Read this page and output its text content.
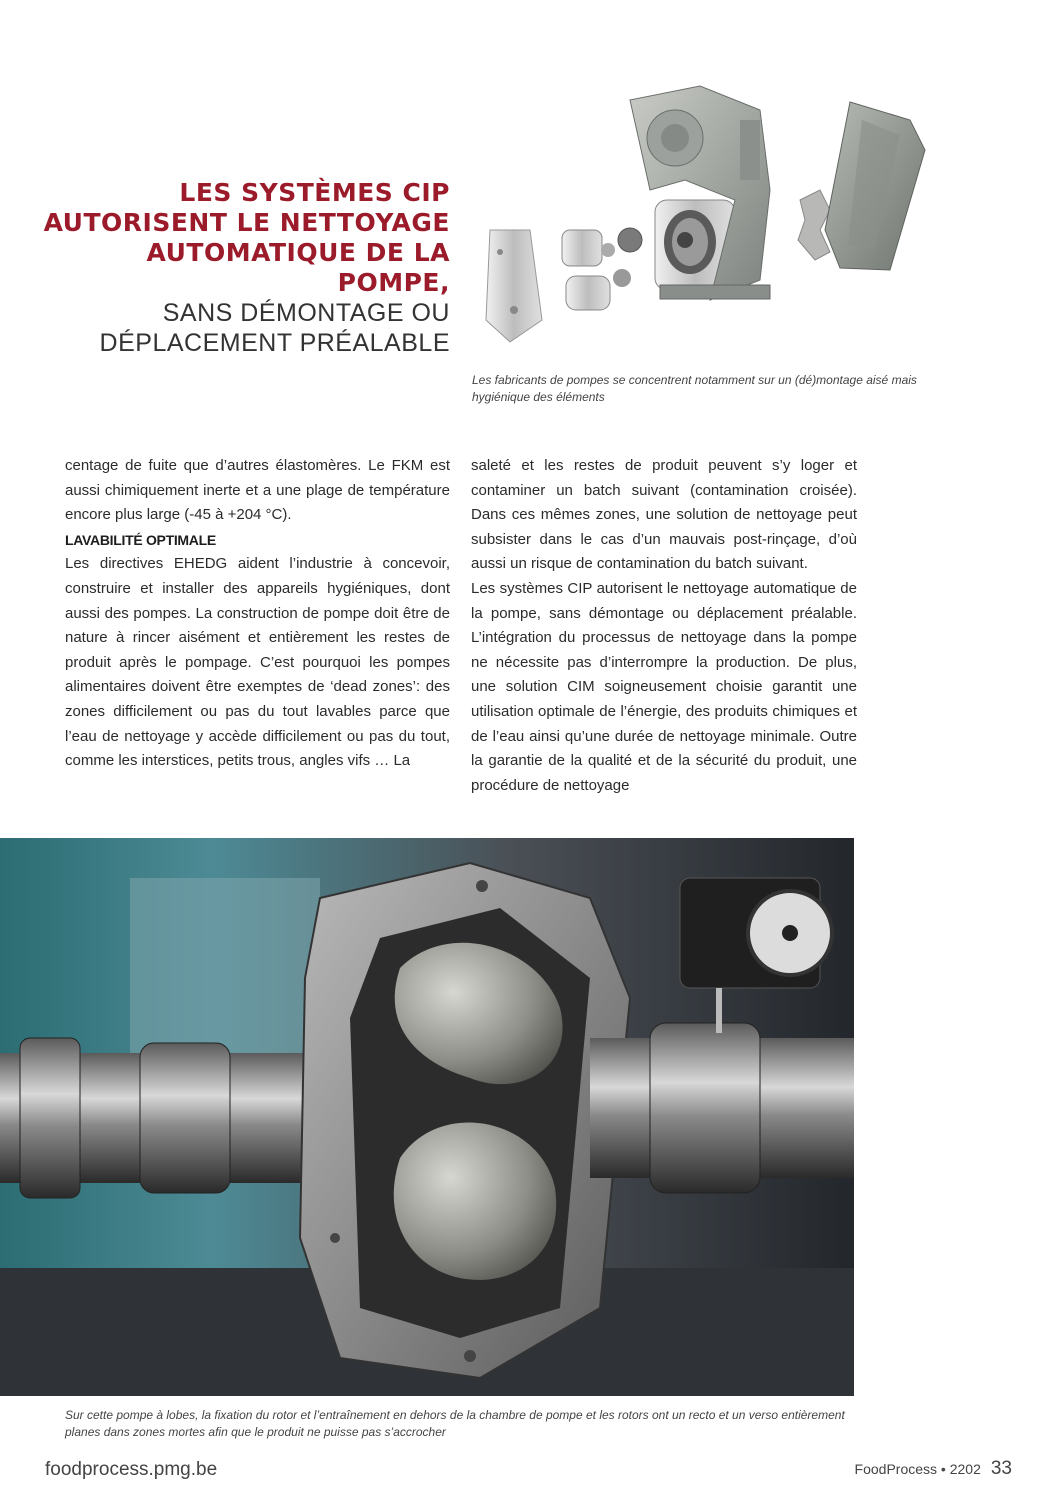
LES SYSTÈMES CIP
AUTORISENT LE NETTOYAGE
AUTOMATIQUE DE LA
POMPE,
SANS DÉMONTAGE OU
DÉPLACEMENT PRÉALABLE
Les fabricants de pompes se concentrent notamment sur un (dé)montage aisé mais hygiénique des éléments

centage de fuite que d’autres élastomères. Le FKM est aussi chimiquement inerte et a une plage de température encore plus large (-45 à +204 °C).

LAVABILITÉ OPTIMALE

Les directives EHEDG aident l’industrie à concevoir, construire et installer des appareils hygiéniques, dont aussi des pompes. La construction de pompe doit être de nature à rincer aisément et entièrement les restes de produit après le pompage. C’est pourquoi les pompes alimentaires doivent être exemptes de ‘dead zones’: des zones difficilement ou pas du tout lavables parce que l’eau de nettoyage y accède difficilement ou pas du tout, comme les interstices, petits trous, angles vifs … La

saleté et les restes de produit peuvent s’y loger et contaminer un batch suivant (contamination croisée). Dans ces mêmes zones, une solution de nettoyage peut subsister dans le cas d’un mauvais post-rinçage, d’où aussi un risque de contamination du batch suivant.

Les systèmes CIP autorisent le nettoyage automatique de la pompe, sans démontage ou déplacement préalable. L’intégration du processus de nettoyage dans la pompe ne nécessite pas d’interrompre la production. De plus, une solution CIM soigneusement choisie garantit une utilisation optimale de l’énergie, des produits chimiques et de l’eau ainsi qu’une durée de nettoyage minimale. Outre la garantie de la qualité et de la sécurité du produit, une procédure de nettoyage

Sur cette pompe à lobes, la fixation du rotor et l’entraînement en dehors de la chambre de pompe et les rotors ont un recto et un verso entièrement planes dans zones mortes afin que le produit ne puisse pas s’accrocher
foodprocess.pmg.be	FoodProcess • 2202 33
